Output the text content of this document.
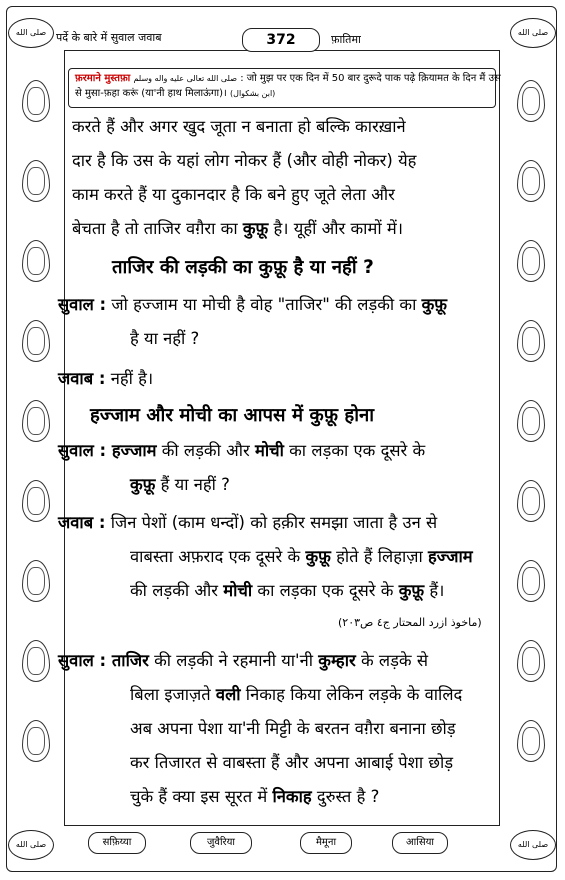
صلى الله	صلى الله
صلى الله	صلى الله
पर्दे के बारे में सुवाल जवाब	372	फ़ातिमा
फ़रमाने मुस्तफ़ा صلى الله تعالى عليه واله وسلم : जो मुझ पर एक दिन में 50 बार दुरूदे पाक पढ़े क़ियामत के दिन मैं उस
से मुसा-फ़हा करूं (या'नी हाथ मिलाऊंगा)। (ابن بشكوال)
करते हैं और अगर खुद जूता न बनाता हो बल्कि कारख़ाने
दार है कि उस के यहां लोग नोकर हैं (और वोही नोकर) येह
काम करते हैं या दुकानदार है कि बने हुए जूते लेता और
बेचता है तो ताजिर वग़ैरा का कुफ़ू है। यूहीं और कामों में।
ताजिर की लड़की का कुफ़ू है या नहीं ?
सुवाल : जो हज्जाम या मोची है वोह "ताजिर" की लड़की का कुफ़ू
है या नहीं ?
जवाब : नहीं है।
हज्जाम और मोची का आपस में कुफ़ू होना
सुवाल : हज्जाम की लड़की और मोची का लड़का एक दूसरे के
कुफ़ू हैं या नहीं ?
जवाब : जिन पेशों (काम धन्दों) को हक़ीर समझा जाता है उन से
वाबस्ता अफ़राद एक दूसरे के कुफ़ू होते हैं लिहाज़ा हज्जाम
की लड़की और मोची का लड़का एक दूसरे के कुफ़ू हैं।
(ماخوذ ازرد المحتار ج٤ ص٢٠٣)
सुवाल : ताजिर की लड़की ने रहमानी या'नी कुम्हार के लड़के से
बिला इजाज़ते वली निकाह किया लेकिन लड़के के वालिद
अब अपना पेशा या'नी मिट्टी के बरतन वग़ैरा बनाना छोड़
कर तिजारत से वाबस्ता हैं और अपना आबाई पेशा छोड़
चुके हैं क्या इस सूरत में निकाह दुरुस्त है ?
सफ़िय्या	जुवैरिया	मैमूना	आसिया
